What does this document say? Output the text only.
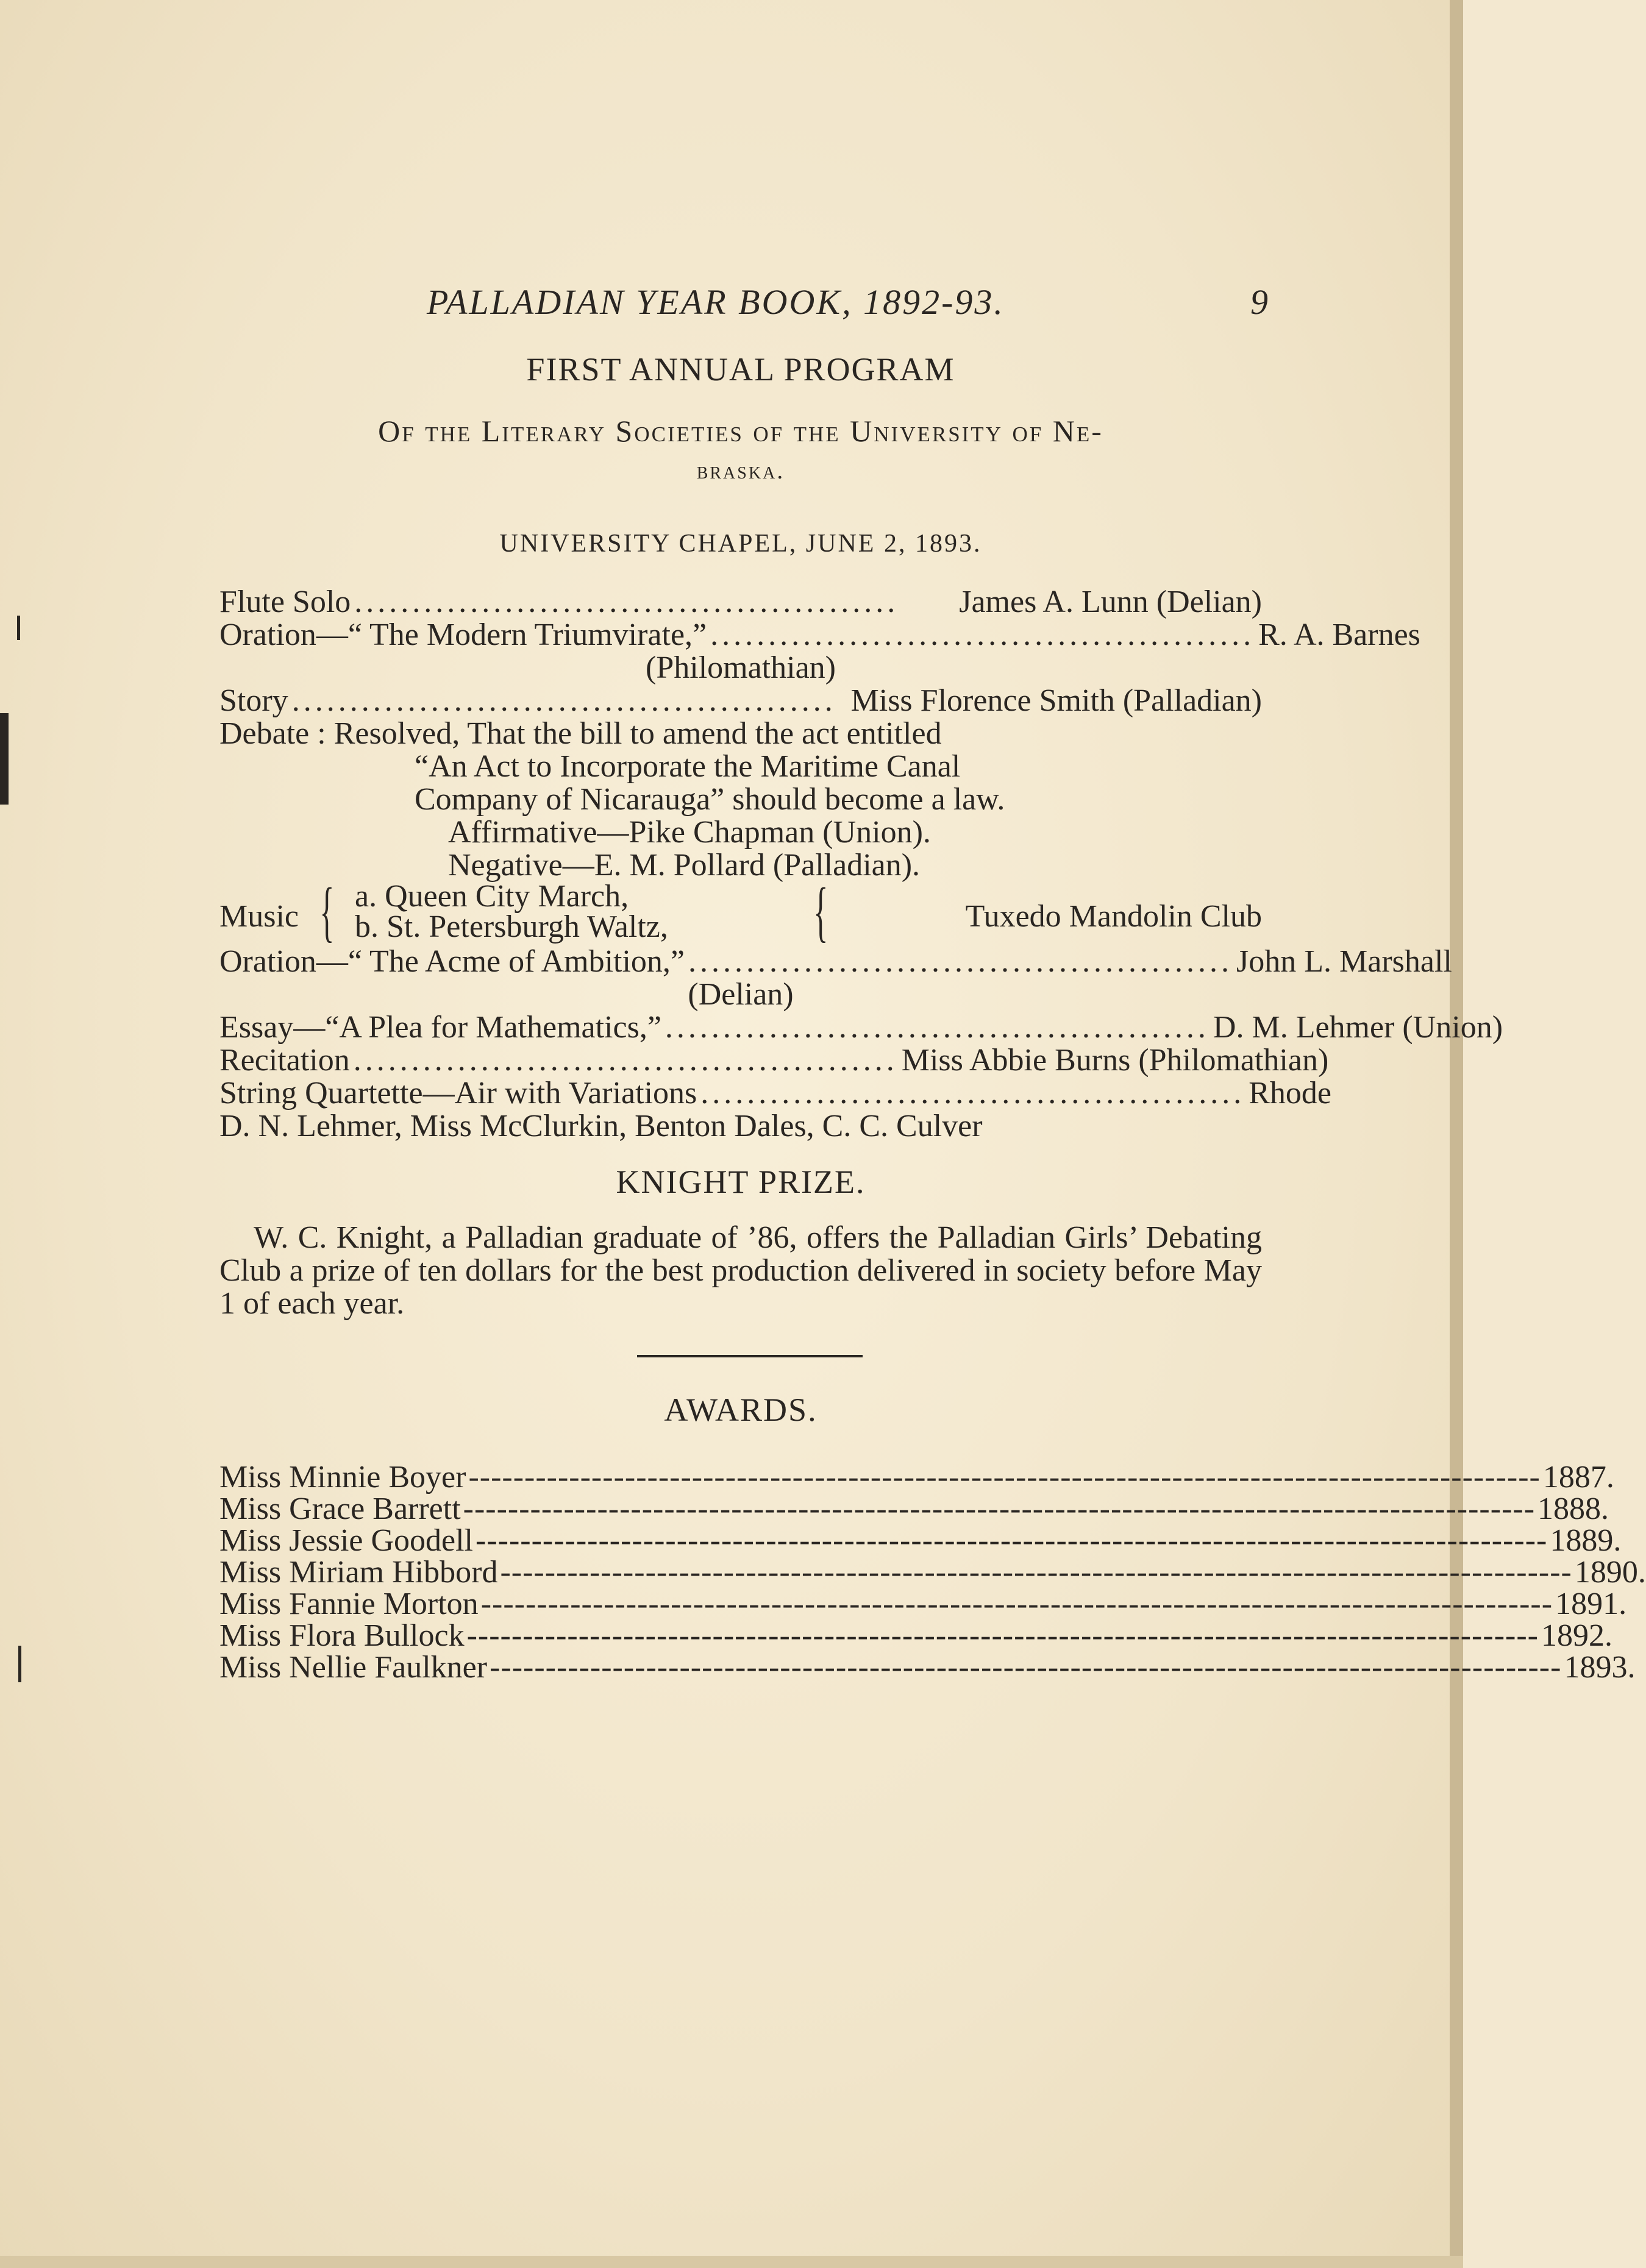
PALLADIAN YEAR BOOK, 1892-93.	9
FIRST ANNUAL PROGRAM
Of the Literary Societies of the University of Ne-
braska.
UNIVERSITY CHAPEL, JUNE 2, 1893.
Flute Solo ...............................................	James A. Lunn (Delian)
Oration—“ The Modern Triumvirate,” ............................................... R. A. Barnes
(Philomathian)
Story ............................................... Miss Florence Smith (Palladian)
Debate : Resolved, That the bill to amend the act entitled
“An Act to Incorporate the Maritime Canal
Company of Nicarauga” should become a law.
Affirmative—Pike Chapman (Union).
Negative—E. M. Pollard (Palladian).
Music { a. Queen City March,
b. St. Petersburgh Waltz, {	Tuxedo Mandolin Club
Oration—“ The Acme of Ambition,” ............................................... John L. Marshall
(Delian)
Essay—“A Plea for Mathematics,” ............................................... D. M. Lehmer (Union)
Recitation ............................................... Miss Abbie Burns (Philomathian)
String Quartette—Air with Variations ............................................... Rhode
D. N. Lehmer, Miss McClurkin, Benton Dales, C. C. Culver
KNIGHT PRIZE.
W. C. Knight, a Palladian graduate of ’86, offers the Palladian Girls’ Debating Club a prize of ten dollars for the best production delivered in society before May 1 of each year.
AWARDS.
Miss Minnie Boyer ------------------------------------------------------------------------------------------------ 1887.
Miss Grace Barrett ------------------------------------------------------------------------------------------------ 1888.
Miss Jessie Goodell ------------------------------------------------------------------------------------------------ 1889.
Miss Miriam Hibbord ------------------------------------------------------------------------------------------------ 1890.
Miss Fannie Morton ------------------------------------------------------------------------------------------------ 1891.
Miss Flora Bullock ------------------------------------------------------------------------------------------------ 1892.
Miss Nellie Faulkner ------------------------------------------------------------------------------------------------ 1893.
